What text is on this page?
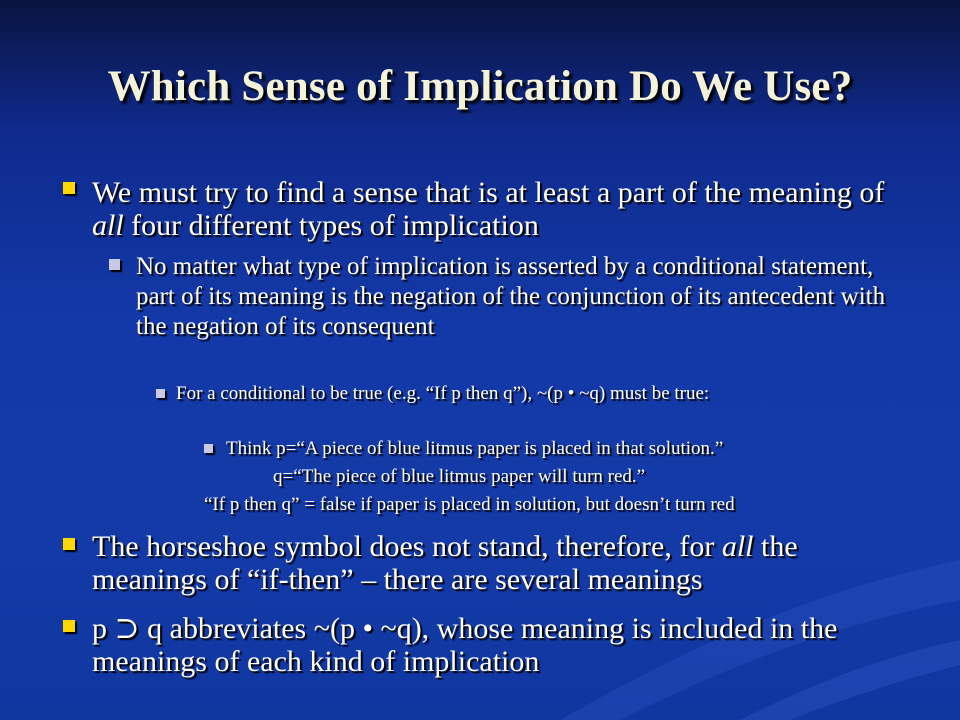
Which Sense of Implication Do We Use?
We must try to find a sense that is at least a part of the meaning of all four different types of implication
No matter what type of implication is asserted by a conditional statement, part of its meaning is the negation of the conjunction of its antecedent with the negation of its consequent
For a conditional to be true (e.g. “If p then q”), ~(p • ~q) must be true:
Think p=“A piece of blue litmus paper is placed in that solution.”
q=“The piece of blue litmus paper will turn red.”
“If p then q” = false if paper is placed in solution, but doesn’t turn red
The horseshoe symbol does not stand, therefore, for all the meanings of “if-then” – there are several meanings
p ⊃ q abbreviates ~(p • ~q), whose meaning is included in the meanings of each kind of implication
